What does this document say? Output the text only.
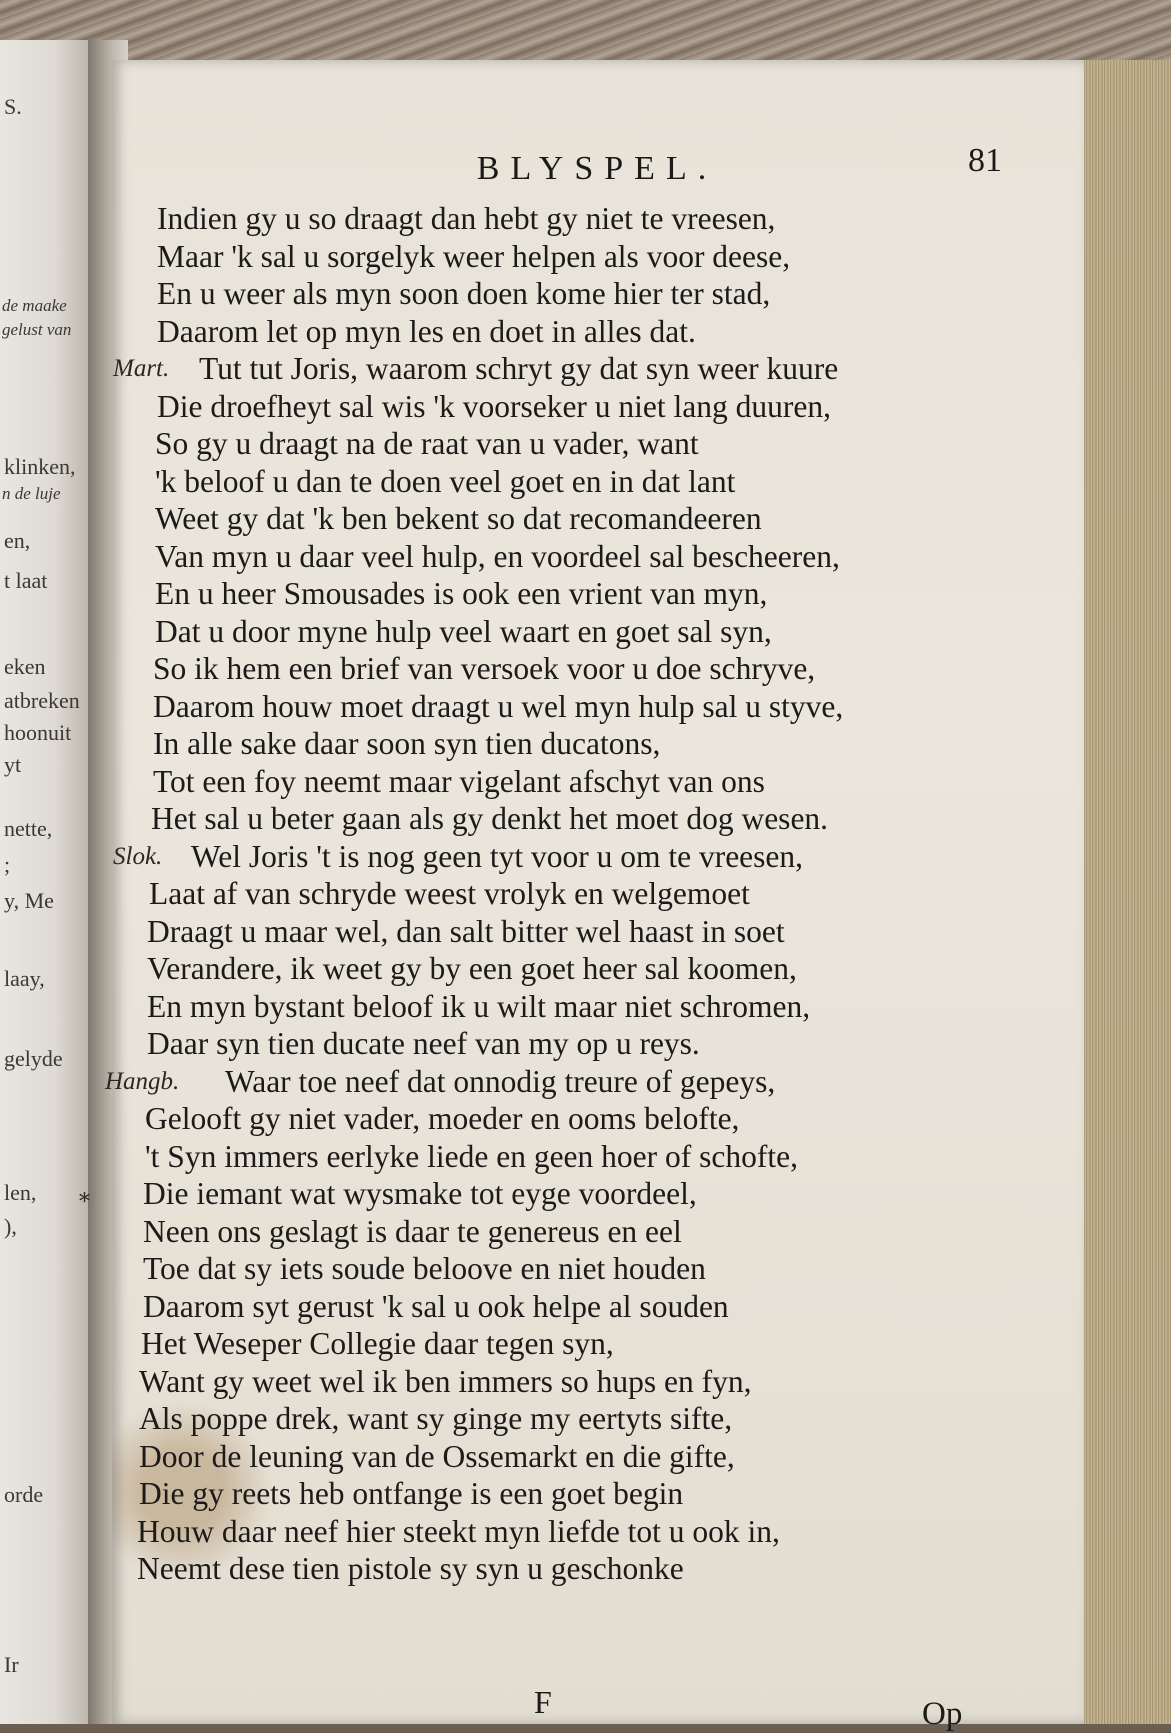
S.
de maake
gelust van
klinken,
n de luje
en,
t laat
eken
atbreken
hoonuit
yt
nette,
;
y, Me
laay,
gelyde
len,
),
orde
Ir
BLYSPEL.	81
*
Indien gy u so draagt dan hebt gy niet te vreesen,
Maar 'k sal u sorgelyk weer helpen als voor deese,
En u weer als myn soon doen kome hier ter stad,
Daarom let op myn les en doet in alles dat.
Mart. Tut tut Joris, waarom schryt gy dat syn weer kuure
Die droefheyt sal wis 'k voorseker u niet lang duuren,
So gy u draagt na de raat van u vader, want
'k beloof u dan te doen veel goet en in dat lant
Weet gy dat 'k ben bekent so dat recomandeeren
Van myn u daar veel hulp, en voordeel sal bescheeren,
En u heer Smousades is ook een vrient van myn,
Dat u door myne hulp veel waart en goet sal syn,
So ik hem een brief van versoek voor u doe schryve,
Daarom houw moet draagt u wel myn hulp sal u styve,
In alle sake daar soon syn tien ducatons,
Tot een foy neemt maar vigelant afschyt van ons
Het sal u beter gaan als gy denkt het moet dog wesen.
Slok. Wel Joris 't is nog geen tyt voor u om te vreesen,
Laat af van schryde weest vrolyk en welgemoet
Draagt u maar wel, dan salt bitter wel haast in soet
Verandere, ik weet gy by een goet heer sal koomen,
En myn bystant beloof ik u wilt maar niet schromen,
Daar syn tien ducate neef van my op u reys.
Hangb. Waar toe neef dat onnodig treure of gepeys,
Gelooft gy niet vader, moeder en ooms belofte,
't Syn immers eerlyke liede en geen hoer of schofte,
Die iemant wat wysmake tot eyge voordeel,
Neen ons geslagt is daar te genereus en eel
Toe dat sy iets soude beloove en niet houden
Daarom syt gerust 'k sal u ook helpe al souden
Het Weseper Collegie daar tegen syn,
Want gy weet wel ik ben immers so hups en fyn,
Als poppe drek, want sy ginge my eertyts sifte,
Door de leuning van de Ossemarkt en die gifte,
Die gy reets heb ontfange is een goet begin
Houw daar neef hier steekt myn liefde tot u ook in,
Neemt dese tien pistole sy syn u geschonke
F	Op
